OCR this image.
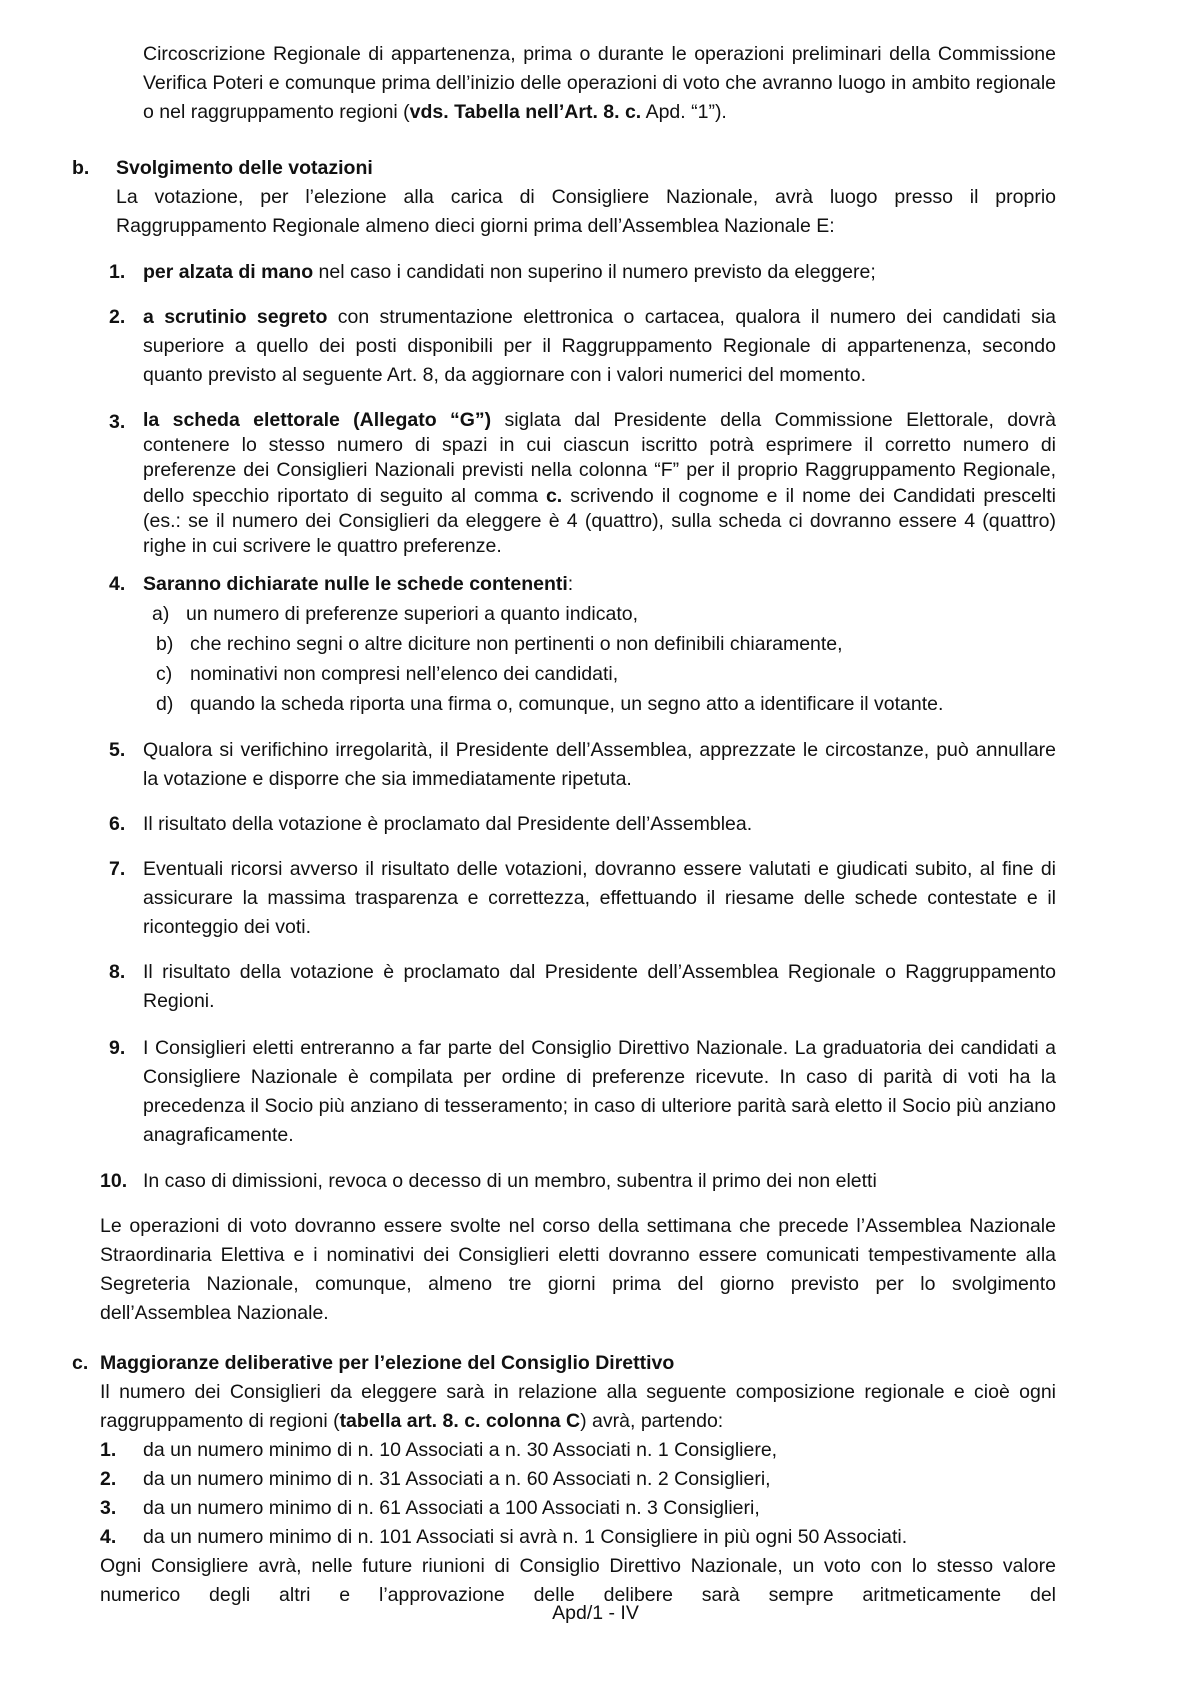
Circoscrizione Regionale di appartenenza, prima o durante le operazioni preliminari della Commissione Verifica Poteri e comunque prima dell’inizio delle operazioni di voto che avranno luogo in ambito regionale o nel raggruppamento regioni (vds. Tabella nell’Art. 8. c. Apd. “1”).

b. Svolgimento delle votazioni

La votazione, per l’elezione alla carica di Consigliere Nazionale, avrà luogo presso il proprio Raggruppamento Regionale almeno dieci giorni prima dell’Assemblea Nazionale E:

1. per alzata di mano nel caso i candidati non superino il numero previsto da eleggere;

2. a scrutinio segreto con strumentazione elettronica o cartacea, qualora il numero dei candidati sia superiore a quello dei posti disponibili per il Raggruppamento Regionale di appartenenza, secondo quanto previsto al seguente Art. 8, da aggiornare con i valori numerici del momento.

3. la scheda elettorale (Allegato “G”) siglata dal Presidente della Commissione Elettorale, dovrà contenere lo stesso numero di spazi in cui ciascun iscritto potrà esprimere il corretto numero di preferenze dei Consiglieri Nazionali previsti nella colonna “F” per il proprio Raggruppamento Regionale, dello specchio riportato di seguito al comma c. scrivendo il cognome e il nome dei Candidati prescelti (es.: se il numero dei Consiglieri da eleggere è 4 (quattro), sulla scheda ci dovranno essere 4 (quattro) righe in cui scrivere le quattro preferenze.

4. Saranno dichiarate nulle le schede contenenti:

a) un numero di preferenze superiori a quanto indicato,
b) che rechino segni o altre diciture non pertinenti o non definibili chiaramente,
c) nominativi non compresi nell’elenco dei candidati,
d) quando la scheda riporta una firma o, comunque, un segno atto a identificare il votante.
5. Qualora si verifichino irregolarità, il Presidente dell’Assemblea, apprezzate le circostanze, può annullare la votazione e disporre che sia immediatamente ripetuta.

6. Il risultato della votazione è proclamato dal Presidente dell’Assemblea.

7. Eventuali ricorsi avverso il risultato delle votazioni, dovranno essere valutati e giudicati subito, al fine di assicurare la massima trasparenza e correttezza, effettuando il riesame delle schede contestate e il riconteggio dei voti.

8. Il risultato della votazione è proclamato dal Presidente dell’Assemblea Regionale o Raggruppamento Regioni.

9. I Consiglieri eletti entreranno a far parte del Consiglio Direttivo Nazionale. La graduatoria dei candidati a Consigliere Nazionale è compilata per ordine di preferenze ricevute. In caso di parità di voti ha la precedenza il Socio più anziano di tesseramento; in caso di ulteriore parità sarà eletto il Socio più anziano anagraficamente.

10. In caso di dimissioni, revoca o decesso di un membro, subentra il primo dei non eletti

Le operazioni di voto dovranno essere svolte nel corso della settimana che precede l’Assemblea Nazionale Straordinaria Elettiva e i nominativi dei Consiglieri eletti dovranno essere comunicati tempestivamente alla Segreteria Nazionale, comunque, almeno tre giorni prima del giorno previsto per lo svolgimento dell’Assemblea Nazionale.

c. Maggioranze deliberative per l’elezione del Consiglio Direttivo

Il numero dei Consiglieri da eleggere sarà in relazione alla seguente composizione regionale e cioè ogni raggruppamento di regioni (tabella art. 8. c. colonna C) avrà, partendo:

1. da un numero minimo di n. 10 Associati a n. 30 Associati n. 1 Consigliere,
2. da un numero minimo di n. 31 Associati a n. 60 Associati n. 2 Consiglieri,
3. da un numero minimo di n. 61 Associati a 100 Associati n. 3 Consiglieri,
4. da un numero minimo di n. 101 Associati si avrà n. 1 Consigliere in più ogni 50 Associati.

Ogni Consigliere avrà, nelle future riunioni di Consiglio Direttivo Nazionale, un voto con lo stesso valore numerico degli altri e l’approvazione delle delibere sarà sempre aritmeticamente del

Apd/1 - IV
